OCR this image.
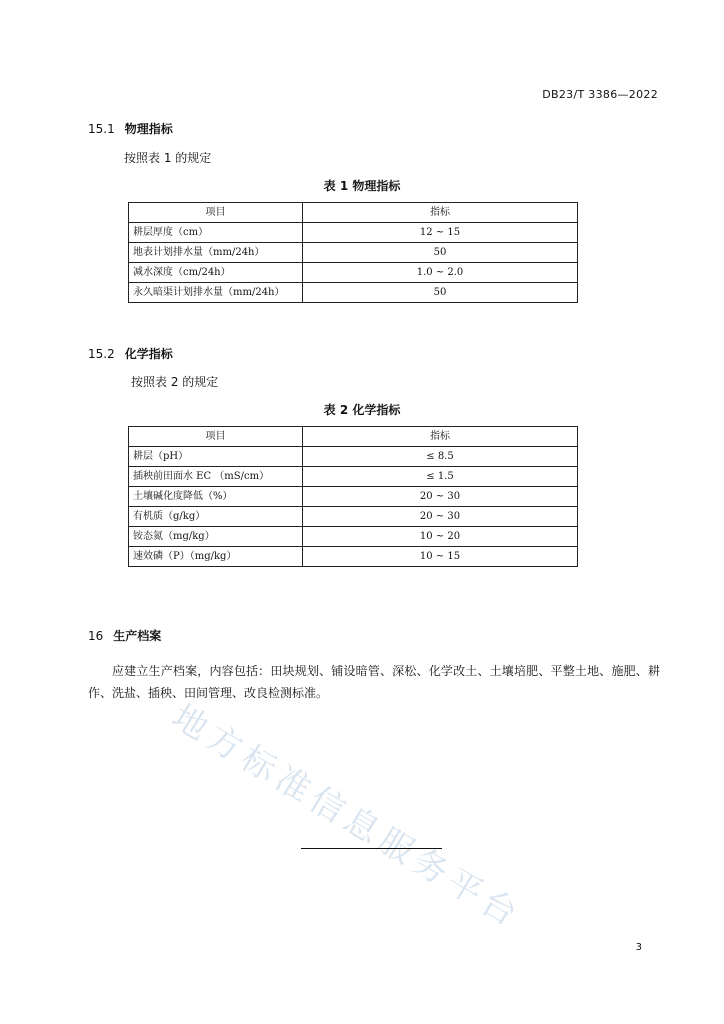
DB23/T 3386—2022
15.1 物理指标
按照表 1 的规定
表 1 物理指标
项目	指标
耕层厚度（cm）	12 ~ 15
地表计划排水量（mm/24h）	50
减水深度（cm/24h）	1.0 ~ 2.0
永久暗渠计划排水量（mm/24h）	50
15.2 化学指标
按照表 2 的规定
表 2 化学指标
项目	指标
耕层（pH）	≤ 8.5
插秧前田面水 EC （mS/cm）	≤ 1.5
土壤碱化度降低（%）	20 ~ 30
有机质（g/kg）	20 ~ 30
铵态氮（mg/kg）	10 ~ 20
速效磷（P）（mg/kg）	10 ~ 15
16 生产档案
应建立生产档案，内容包括：田块规划、铺设暗管、深松、化学改土、土壤培肥、平整土地、施肥、耕作、洗盐、插秧、田间管理、改良检测标准。
地方标准信息服务平台
3
